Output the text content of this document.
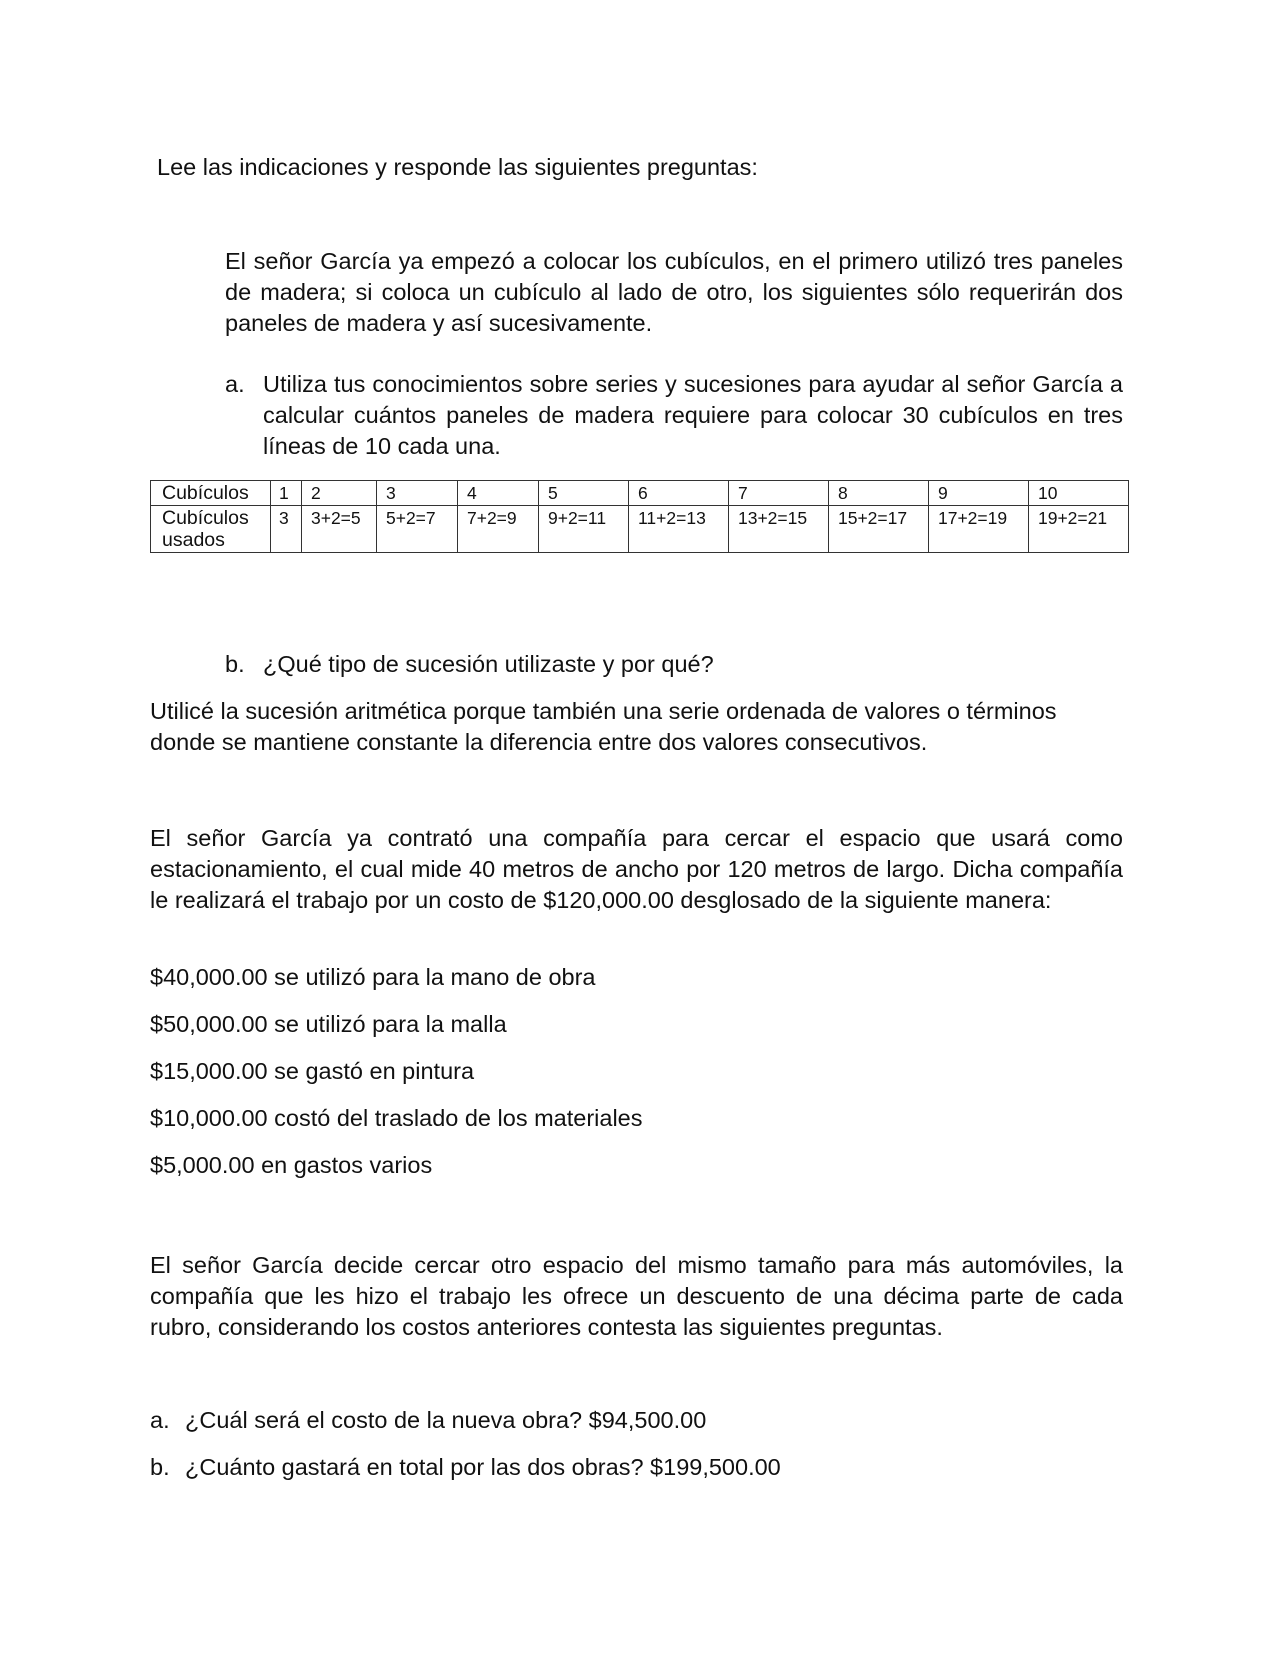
Lee las indicaciones y responde las siguientes preguntas:

El señor García ya empezó a colocar los cubículos, en el primero utilizó tres paneles de madera; si coloca un cubículo al lado de otro, los siguientes sólo requerirán dos paneles de madera y así sucesivamente.

a. Utiliza tus conocimientos sobre series y sucesiones para ayudar al señor García a calcular cuántos paneles de madera requiere para colocar 30 cubículos en tres líneas de 10 cada una.
Cubículos	1	2	3	4	5	6	7	8	9	10
Cubículos usados	3	3+2=5	5+2=7	7+2=9	9+2=11	11+2=13	13+2=15	15+2=17	17+2=19	19+2=21
b. ¿Qué tipo de sucesión utilizaste y por qué?

Utilicé la sucesión aritmética porque también una serie ordenada de valores o términos donde se mantiene constante la diferencia entre dos valores consecutivos.

El señor García ya contrató una compañía para cercar el espacio que usará como estacionamiento, el cual mide 40 metros de ancho por 120 metros de largo. Dicha compañía le realizará el trabajo por un costo de $120,000.00 desglosado de la siguiente manera:

$40,000.00 se utilizó para la mano de obra

$50,000.00 se utilizó para la malla

$15,000.00 se gastó en pintura

$10,000.00 costó del traslado de los materiales

$5,000.00 en gastos varios

El señor García decide cercar otro espacio del mismo tamaño para más automóviles, la compañía que les hizo el trabajo les ofrece un descuento de una décima parte de cada rubro, considerando los costos anteriores contesta las siguientes preguntas.

a. ¿Cuál será el costo de la nueva obra? $94,500.00
b. ¿Cuánto gastará en total por las dos obras? $199,500.00
